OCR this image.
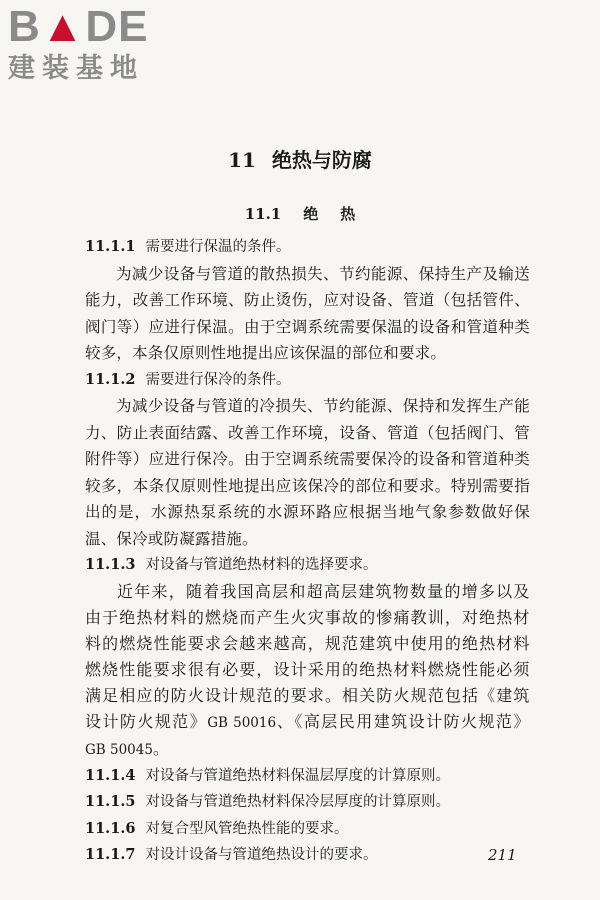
B▲DE
建装基地
11 绝热与防腐
11.1 绝 热
11.1.1 需要进行保温的条件。

为减少设备与管道的散热损失、节约能源、保持生产及输送能力，改善工作环境、防止烫伤，应对设备、管道（包括管件、阀门等）应进行保温。由于空调系统需要保温的设备和管道种类较多，本条仅原则性地提出应该保温的部位和要求。

11.1.2 需要进行保冷的条件。

为减少设备与管道的冷损失、节约能源、保持和发挥生产能力、防止表面结露、改善工作环境，设备、管道（包括阀门、管附件等）应进行保冷。由于空调系统需要保冷的设备和管道种类较多，本条仅原则性地提出应该保冷的部位和要求。特别需要指出的是，水源热泵系统的水源环路应根据当地气象参数做好保温、保冷或防凝露措施。

11.1.3 对设备与管道绝热材料的选择要求。

近年来，随着我国高层和超高层建筑物数量的增多以及由于绝热材料的燃烧而产生火灾事故的惨痛教训，对绝热材料的燃烧性能要求会越来越高，规范建筑中使用的绝热材料燃烧性能要求很有必要，设计采用的绝热材料燃烧性能必须满足相应的防火设计规范的要求。相关防火规范包括《建筑设计防火规范》GB 50016、《高层民用建筑设计防火规范》GB 50045。

11.1.4 对设备与管道绝热材料保温层厚度的计算原则。
11.1.5 对设备与管道绝热材料保冷层厚度的计算原则。
11.1.6 对复合型风管绝热性能的要求。
11.1.7 对设计设备与管道绝热设计的要求。	211
